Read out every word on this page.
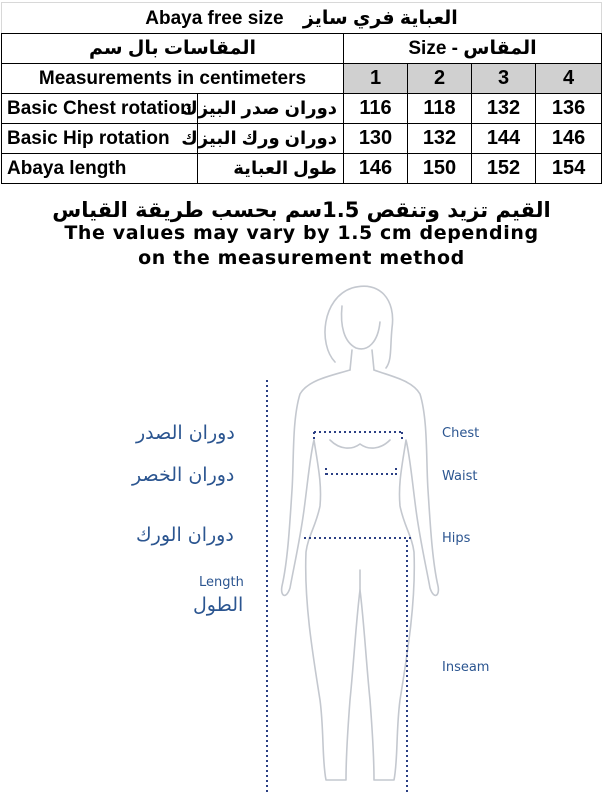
Abaya free size العباية فري سايز					
المقاسات بال سم		Size - المقاس			
Measurements in centimeters		1	2	3	4
Basic Chest rotation	دوران صدر البيزك	116	118	132	136
Basic Hip rotation	دوران ورك البيزك	130	132	144	146
Abaya length	طول العباية	146	150	152	154
القيم تزيد وتنقص 1.5سم بحسب طريقة القياس
The values may vary by 1.5 cm depending
on the measurement method
دوران الصدر
دوران الخصر
دوران الورك
Length
الطول
Chest
Waist
Hips
Inseam
